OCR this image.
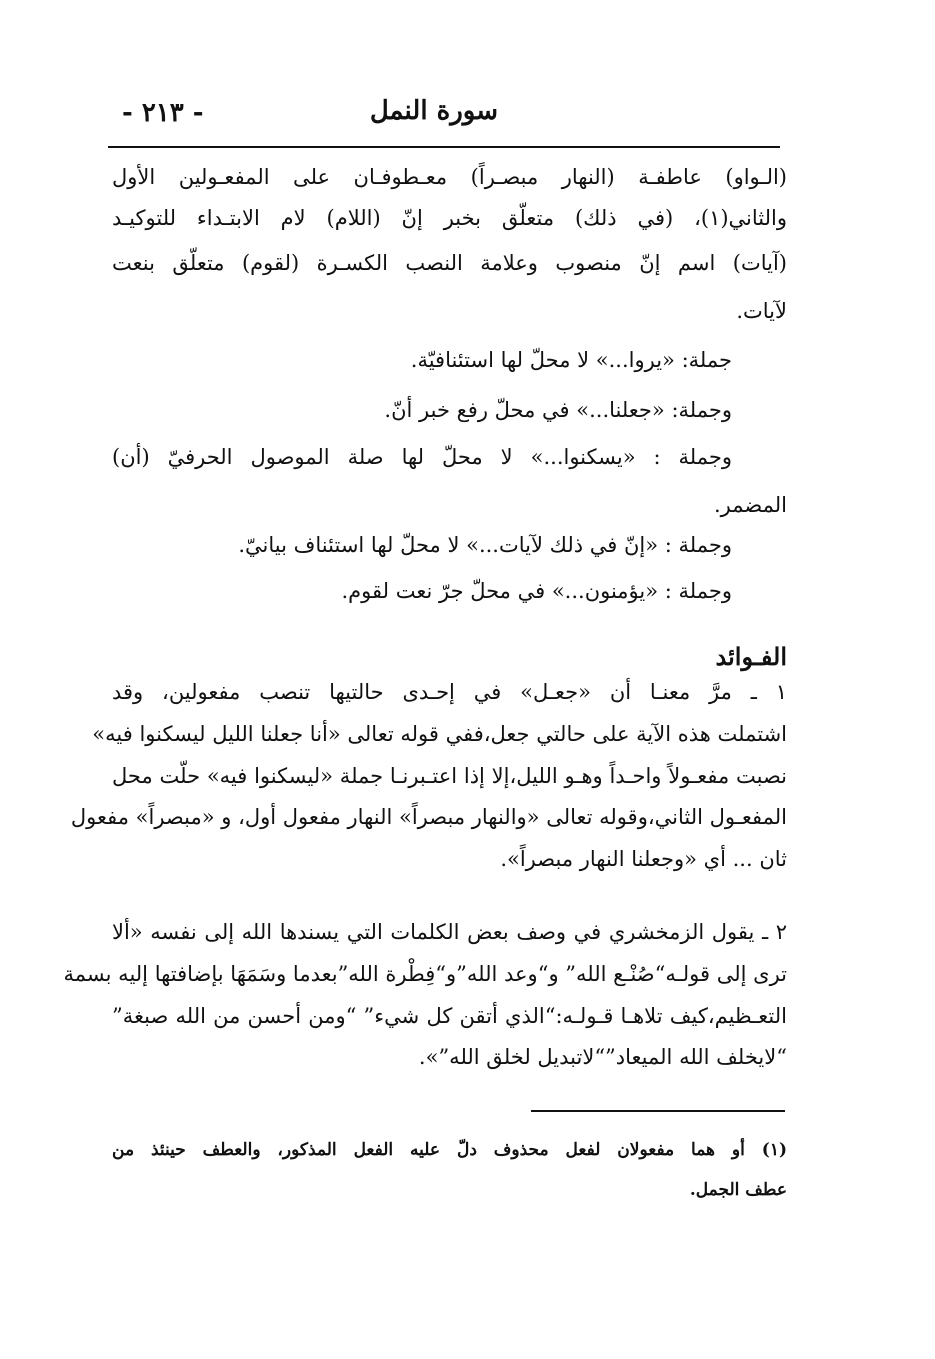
سورة النمل
- ٢١٣ -
(الـواو) عاطفـة (النهار مبصـراً) معـطوفـان على المفعـولين الأول
والثاني(١)، (في ذلك) متعلّق بخبر إنّ (اللام) لام الابتـداء للتوكيـد
(آيات) اسم إنّ منصوب وعلامة النصب الكسـرة (لقوم) متعلّق بنعت
لآيات.
جملة: «يروا...» لا محلّ لها استئنافيّة.
وجملة: «جعلنا...» في محلّ رفع خبر أنّ.
وجملة : «يسكنوا...» لا محلّ لها صلة الموصول الحرفيّ (أن)
المضمر.
وجملة : «إنّ في ذلك لآيات...» لا محلّ لها استئناف بيانيّ.
وجملة : «يؤمنون...» في محلّ جرّ نعت لقوم.
الفـوائد
١ ـ مرَّ معنـا أن «جعـل» في إحـدى حالتيها تنصب مفعولين، وقد
اشتملت هذه الآية على حالتي جعل،ففي قوله تعالى «أنا جعلنا الليل ليسكنوا فيه»
نصبت مفعـولاً واحـداً وهـو الليل،إلا إذا اعتـبرنـا جملة «ليسكنوا فيه» حلّت محل
المفعـول الثاني،وقوله تعالى «والنهار مبصراً» النهار مفعول أول، و «مبصراً» مفعول
ثان ... أي «وجعلنا النهار مبصراً».
٢ ـ يقول الزمخشري في وصف بعض الكلمات التي يسندها الله إلى نفسه «ألا
ترى إلى قولـه“صُنْـع الله” و“وعد الله”و“فِطْرة الله”بعدما وسَمَهَا بإضافتها إليه بسمة
التعـظيم،كيف تلاهـا قـولـه:“الذي أتقن كل شيء” “ومن أحسن من الله صبغة”
“لايخلف الله الميعاد”“لاتبديل لخلق الله”».
(١) أو هما مفعولان لفعل محذوف دلّ عليه الفعل المذكور، والعطف حينئذ من
عطف الجمل.
